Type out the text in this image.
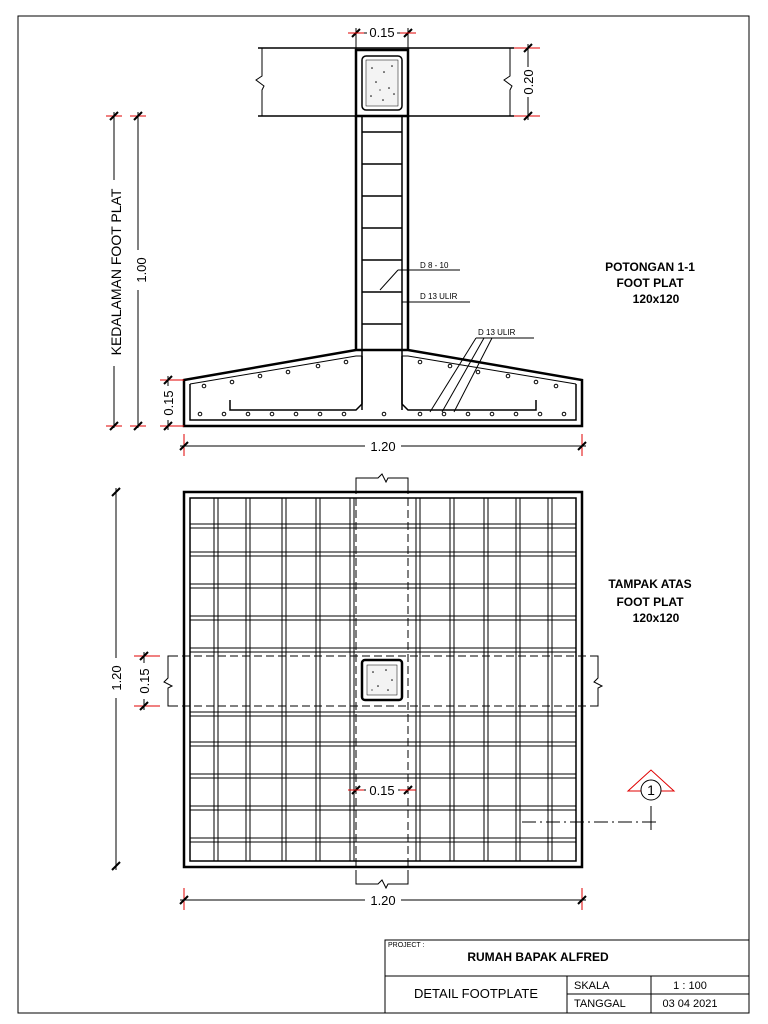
D 8 - 10
D 13 ULIR
D 13 ULIR
0.15
0.20
1.00
KEDALAMAN FOOT PLAT
0.15
1.20
POTONGAN 1-1
FOOT PLAT
120x120
1.20 0.15
0.15
1.20
1
TAMPAK ATAS
FOOT PLAT
120x120
PROJECT :
RUMAH BAPAK ALFRED
DETAIL FOOTPLATE	SKALA	1 : 100
TANGGAL	03 04 2021
